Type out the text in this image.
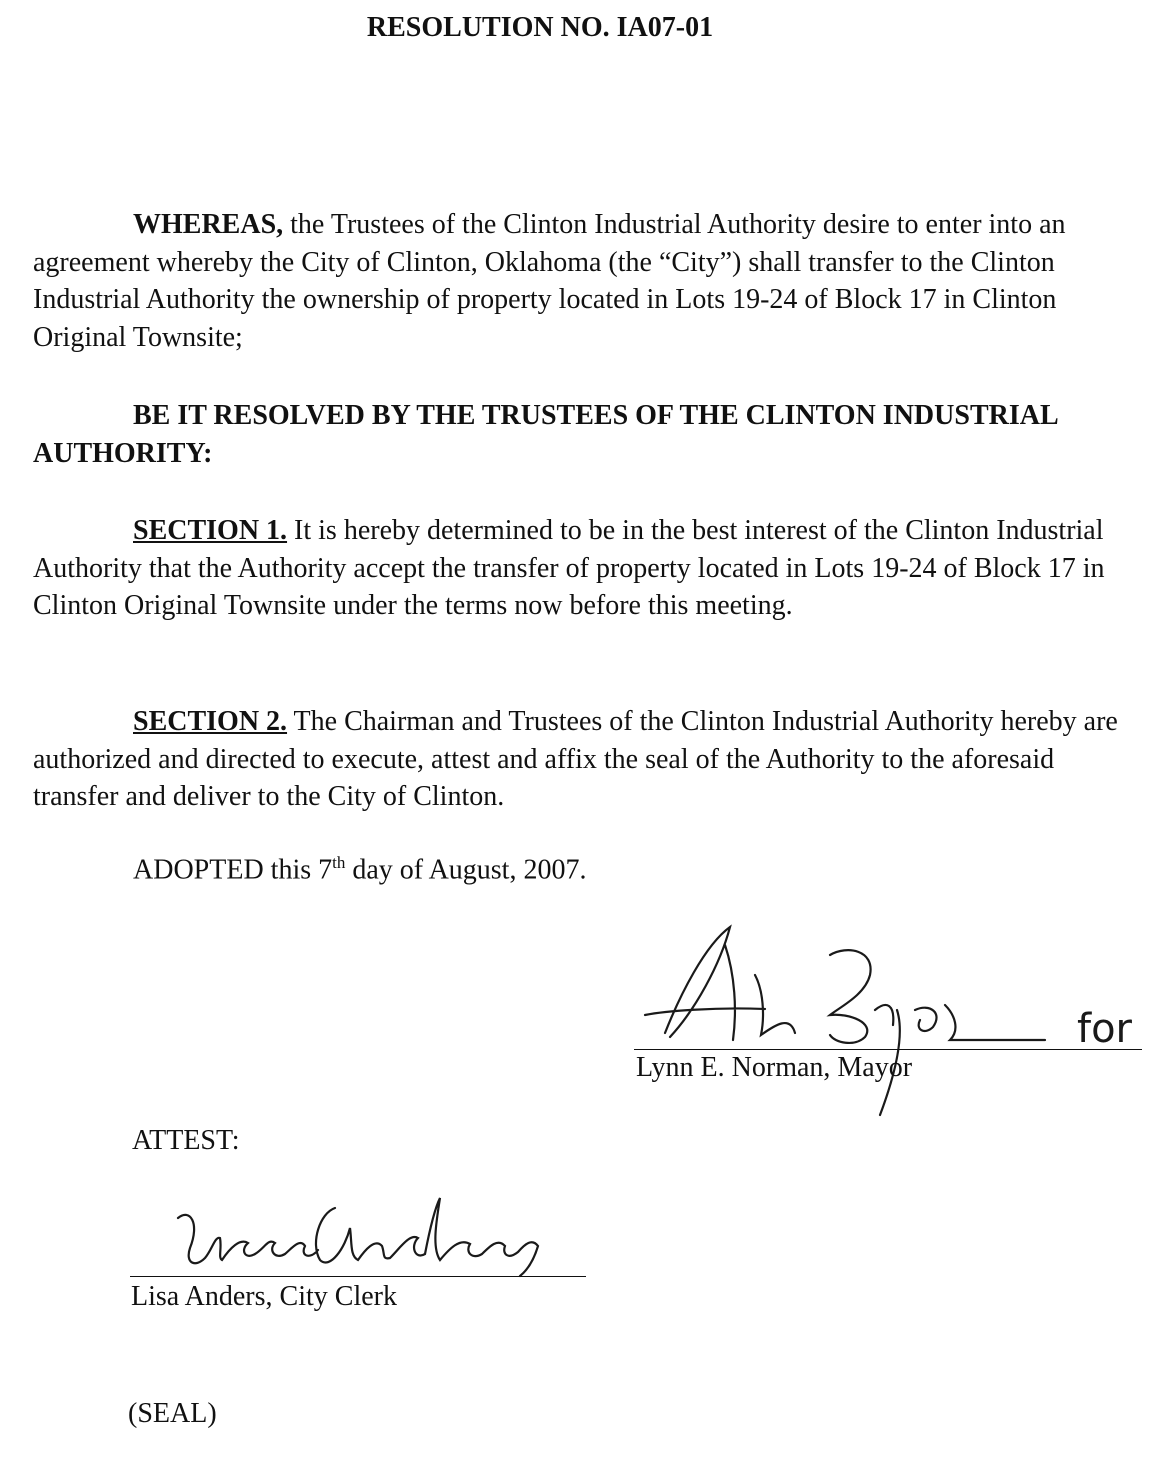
RESOLUTION NO. IA07-01
WHEREAS, the Trustees of the Clinton Industrial Authority desire to enter into an agreement whereby the City of Clinton, Oklahoma (the “City”) shall transfer to the Clinton Industrial Authority the ownership of property located in Lots 19-24 of Block 17 in Clinton Original Townsite;
BE IT RESOLVED BY THE TRUSTEES OF THE CLINTON INDUSTRIAL AUTHORITY:
SECTION 1. It is hereby determined to be in the best interest of the Clinton Industrial Authority that the Authority accept the transfer of property located in Lots 19-24 of Block 17 in Clinton Original Townsite under the terms now before this meeting.
SECTION 2. The Chairman and Trustees of the Clinton Industrial Authority hereby are authorized and directed to execute, attest and affix the seal of the Authority to the aforesaid transfer and deliver to the City of Clinton.
ADOPTED this 7th day of August, 2007.
for
Lynn E. Norman, Mayor
ATTEST:
Lisa Anders, City Clerk
(SEAL)
